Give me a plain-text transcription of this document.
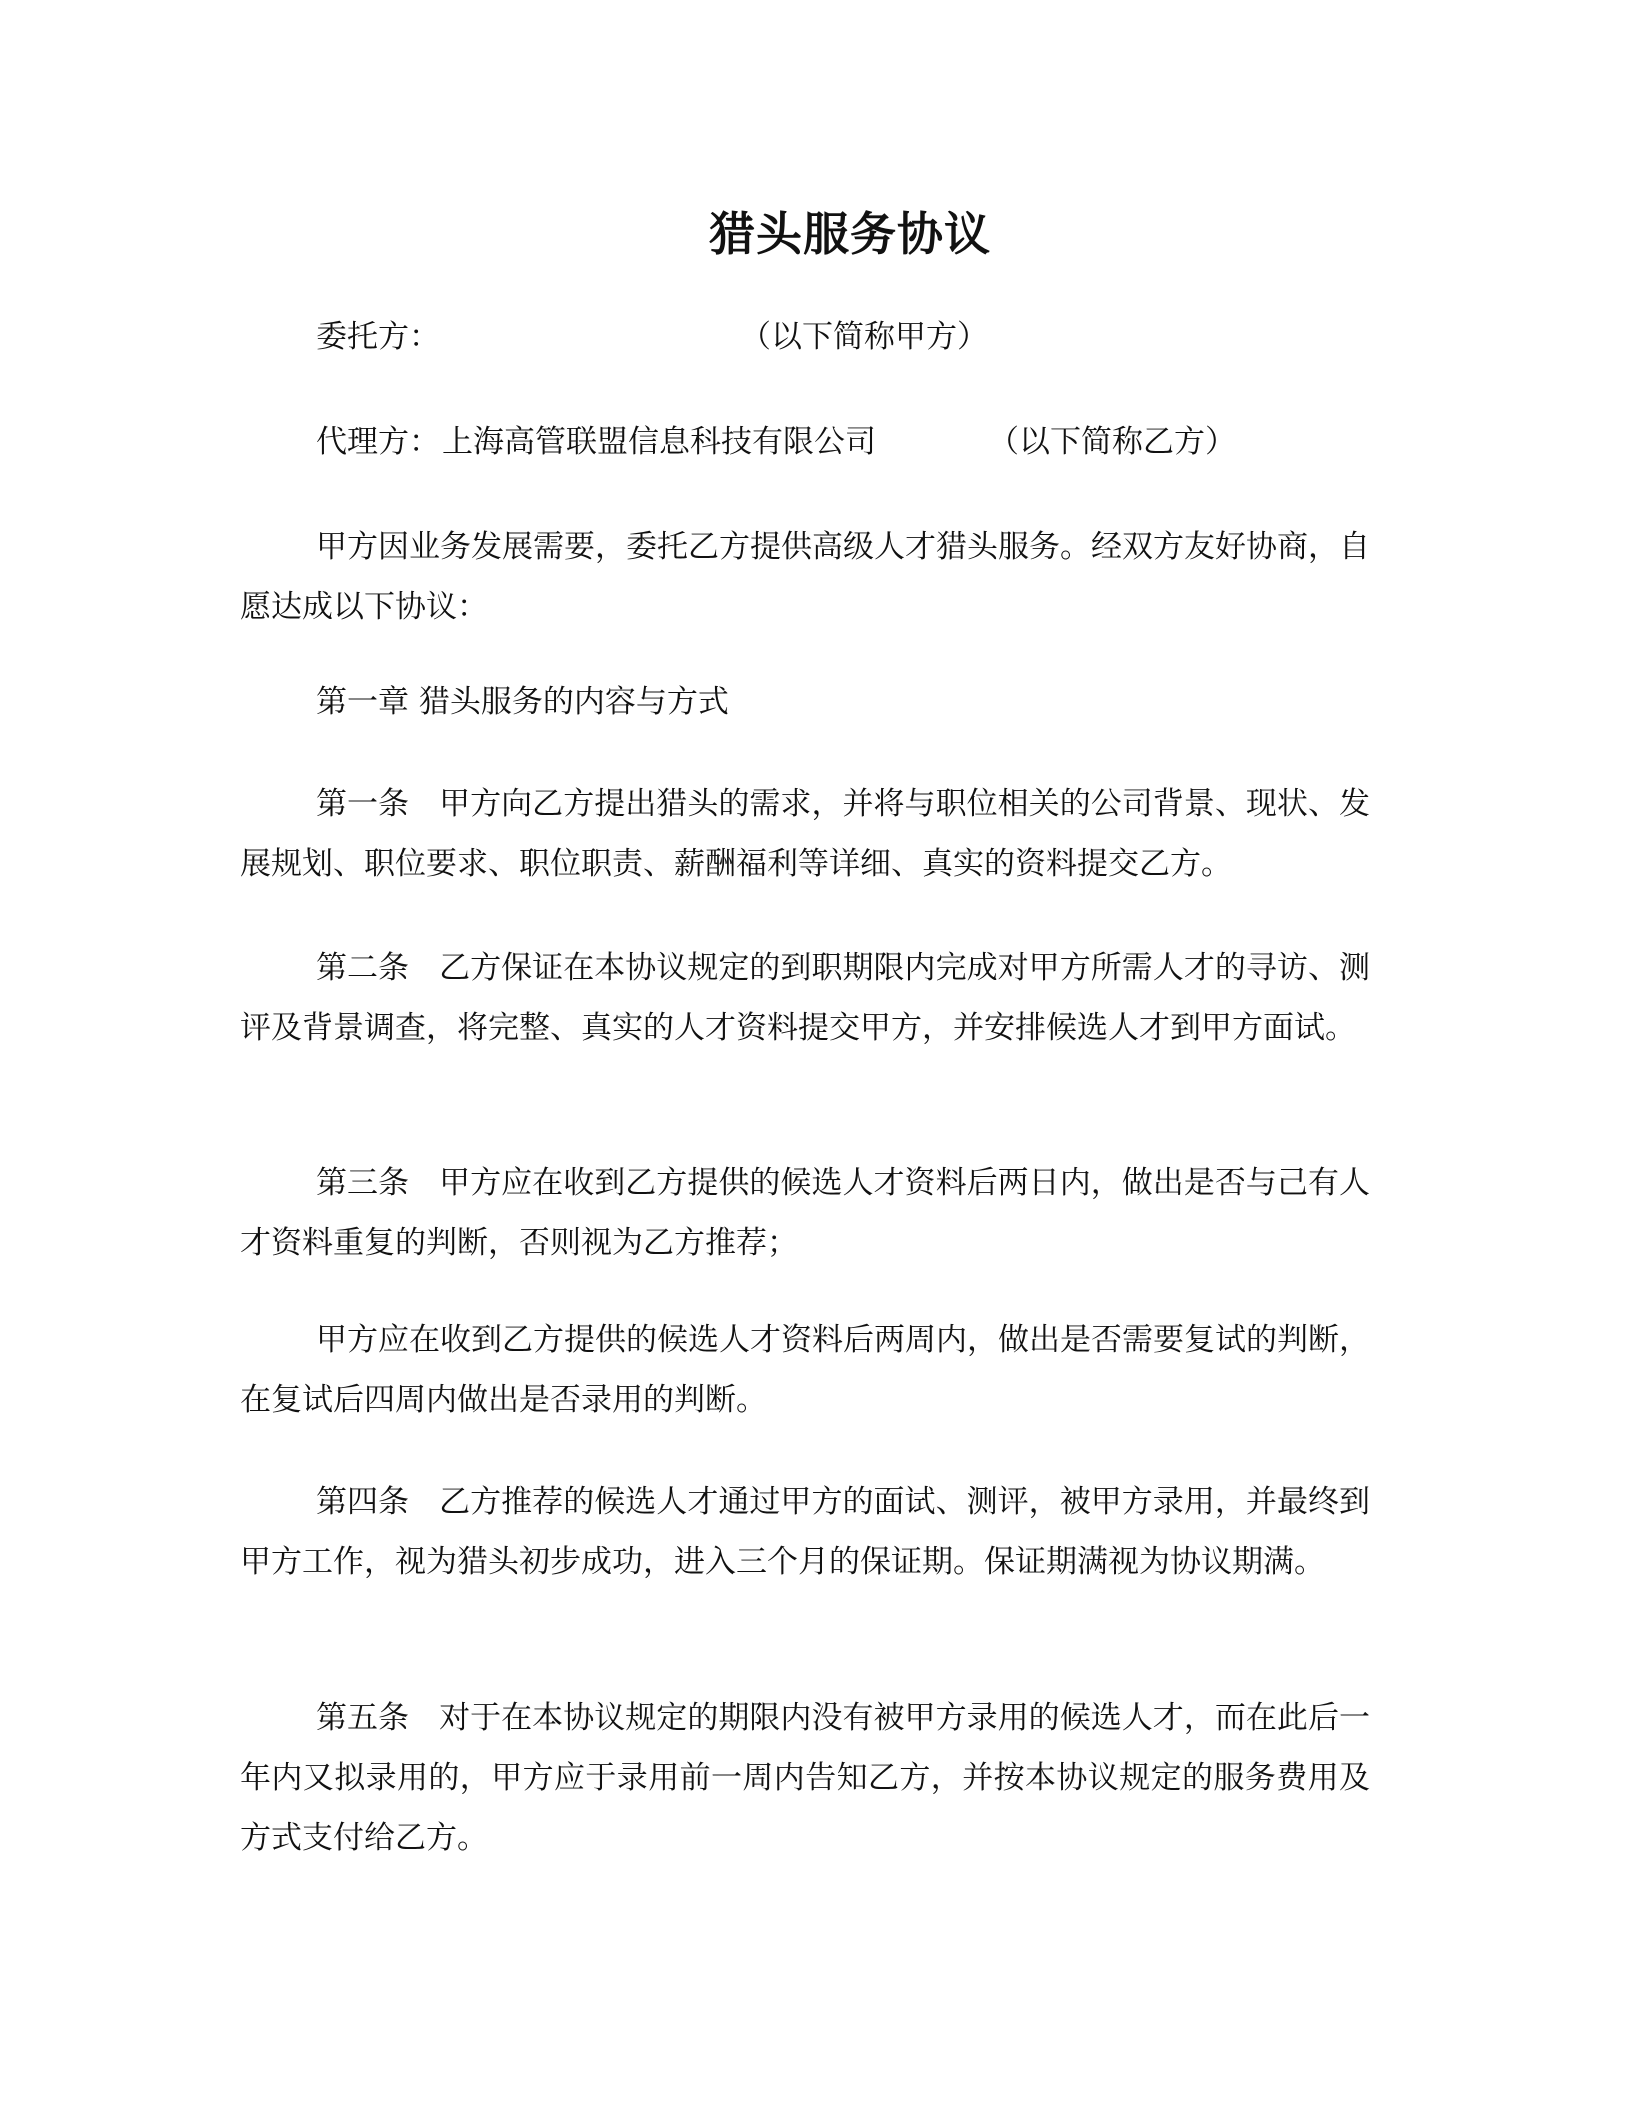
猎头服务协议
委托方：	（以下简称甲方）
代理方： 上海高管联盟信息科技有限公司	（以下简称乙方）
甲方因业务发展需要，委托乙方提供高级人才猎头服务。经双方友好协商，自愿达成以下协议：
第一章 猎头服务的内容与方式
第一条 甲方向乙方提出猎头的需求，并将与职位相关的公司背景、现状、发展规划、职位要求、职位职责、薪酬福利等详细、真实的资料提交乙方。
第二条 乙方保证在本协议规定的到职期限内完成对甲方所需人才的寻访、测评及背景调查，将完整、真实的人才资料提交甲方，并安排候选人才到甲方面试。
第三条 甲方应在收到乙方提供的候选人才资料后两日内，做出是否与己有人才资料重复的判断，否则视为乙方推荐；
甲方应在收到乙方提供的候选人才资料后两周内，做出是否需要复试的判断，在复试后四周内做出是否录用的判断。
第四条 乙方推荐的候选人才通过甲方的面试、测评，被甲方录用，并最终到甲方工作，视为猎头初步成功，进入三个月的保证期。保证期满视为协议期满。
第五条 对于在本协议规定的期限内没有被甲方录用的候选人才，而在此后一年内又拟录用的，甲方应于录用前一周内告知乙方，并按本协议规定的服务费用及方式支付给乙方。
